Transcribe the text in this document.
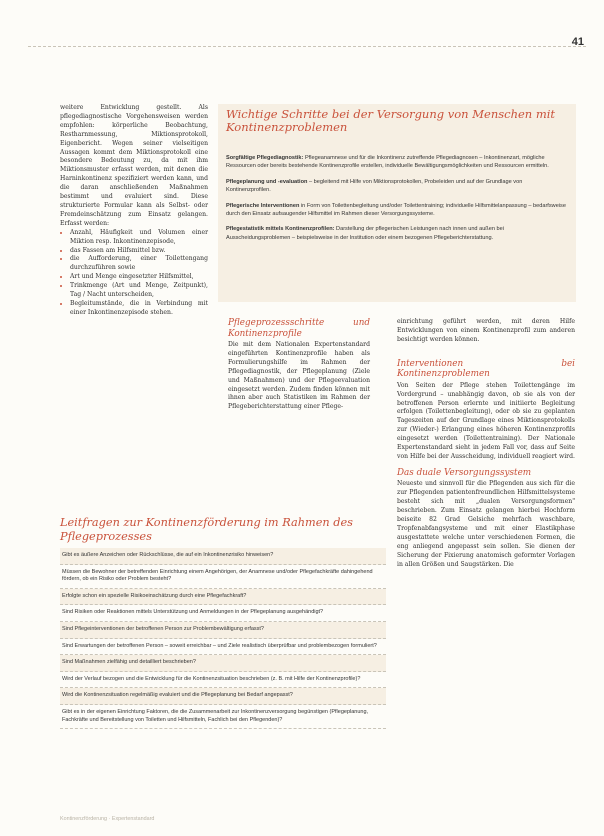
41

weitere Entwicklung gestellt. Als pflegediagnostische Vorgehensweisen werden empfohlen: körperliche Beobachtung, Restharnmessung, Miktionsprotokoll, Eigenbericht. Wegen seiner vielseitigen Aussagen kommt dem Miktionsprotokoll eine besondere Bedeutung zu, da mit ihm Miktionsmuster erfasst werden, mit denen die Harninkontinenz spezifiziert werden kann, und die daran anschließenden Maßnahmen bestimmt und evaluiert sind. Diese strukturierte Formular kann als Selbst- oder Fremdeinschätzung zum Einsatz gelangen. Erfasst werden:

• Anzahl, Häufigkeit und Volumen einer Miktion resp. Inkontinenzepisode,
• das Fassen am Hilfsmittel bzw.
• die Aufforderung, einer Toilettengang durchzuführen sowie
• Art und Menge eingesetzter Hilfsmittel,
• Trinkmenge (Art und Menge, Zeitpunkt), Tag / Nacht unterscheiden,
• Begleitumstände, die in Verbindung mit einer Inkontinenzepisode stehen.
Wichtige Schritte bei der Versorgung von Menschen mit Kontinenzproblemen

Sorgfältige Pflegediagnostik: Pflegeanamnese und für die Inkontinenz zutreffende Pflegediagnosen – Inkontinenzart, mögliche Ressourcen oder bereits bestehende Kontinenzprofile erstellen, individuelle Bewältigungsmöglichkeiten und Ressourcen ermitteln.

Pflegeplanung und -evaluation – begleitend mit Hilfe von Miktionsprotokollen, Probeleiden und auf der Grundlage von Kontinenzprofilen.

Pflegerische Interventionen in Form von Toilettenbegleitung und/oder Toilettentraining; individuelle Hilfsmittelanpassung – bedarfsweise durch den Einsatz aufsaugender Hilfsmittel im Rahmen dieser Versorgungssysteme.

Pflegestatistik mittels Kontinenzprofilen: Darstellung der pflegerischen Leistungen nach innen und außen bei Ausscheidungsproblemen – beispielsweise in der Institution oder einem bezogenen Pflegeberichterstattung.

Pflegeprozessschritte und Kontinenzprofile

Die mit dem Nationalen Expertenstandard eingeführten Kontinenzprofile haben als Formulierungshilfe im Rahmen der Pflegediagnostik, der Pflegeplanung (Ziele und Maßnahmen) und der Pflegeevaluation eingesetzt werden. Zudem finden können mit ihnen aber auch Statistiken im Rahmen der Pflegeberichterstattung einer Pflege-

einrichtung geführt werden, mit deren Hilfe Entwicklungen von einem Kontinenzprofil zum anderen besichtigt werden können.

Interventionen bei Kontinenzproblemen

Von Seiten der Pflege stehen Toilettengänge im Vordergrund – unabhängig davon, ob sie als von der betroffenen Person erlernte und initiierte Begleitung erfolgen (Toilettenbegleitung), oder ob sie zu geplanten Tageszeiten auf der Grundlage eines Miktionsprotokolls zur (Wieder-) Erlangung eines höheren Kontinenzprofils eingesetzt werden (Toilettentraining). Der Nationale Expertenstandard sieht in jedem Fall vor, dass auf Seite von Hilfe bei der Ausscheidung, individuell reagiert wird.

Das duale Versorgungssystem

Neueste und sinnvoll für die Pflegenden aus sich für die zur Pflegenden patientenfreundlichen Hilfsmittelsysteme besteht sich mit „dualen Versorgungsformen" beschrieben. Zum Einsatz gelangen hierbei Hochform beiseite 82 Grad Gelsiche mehrfach waschbare, Tropfenabfangsysteme und mit einer Elastikphase ausgestattete welche unter verschiedenen Formen, die eng anliegend angepasst sein sollen. Sie dienen der Sicherung der Fixierung anatomisch geformter Vorlagen in allen Größen und Saugstärken. Die

Leitfragen zur Kontinenzförderung im Rahmen des Pflegeprozesses
Gibt es äußere Anzeichen oder Rückschlüsse, die auf ein Inkontinenzrisiko hinweisen?
Müssen die Bewohner der betreffenden Einrichtung einem Angehörigen, der Anamnese und/oder Pflegefachkräfte dahingehend fördern, ob ein Risiko oder Problem besteht?
Erfolgte schon ein spezielle Risikoeinschätzung durch eine Pflegefachkraft?
Sind Risiken oder Reaktionen mittels Unterstützung und Anmeldungen in der Pflegeplanung ausgehändigt?
Sind Pflegeinterventionen der betroffenen Person zur Problembewältigung erfasst?
Sind Erwartungen der betroffenen Person – soweit erreichbar – und Ziele realistisch überprüfbar und problembezogen formuliert?
Sind Maßnahmen zielfähig und detailliert beschrieben?
Wird der Verlauf bezogen und die Entwicklung für die Kontinenzsituation beschrieben (z. B. mit Hilfe der Kontinenzprofile)?
Wird die Kontinenzsituation regelmäßig evaluiert und die Pflegeplanung bei Bedarf angepasst?
Gibt es in der eigenen Einrichtung Faktoren, die die Zusammenarbeit zur Inkontinenzversorgung begünstigen (Pflegeplanung, Fachkräfte und Bereitstellung von Toiletten und Hilfsmitteln, Fachlich bei den Pflegenden)?
Kontinenzförderung · Expertenstandard
